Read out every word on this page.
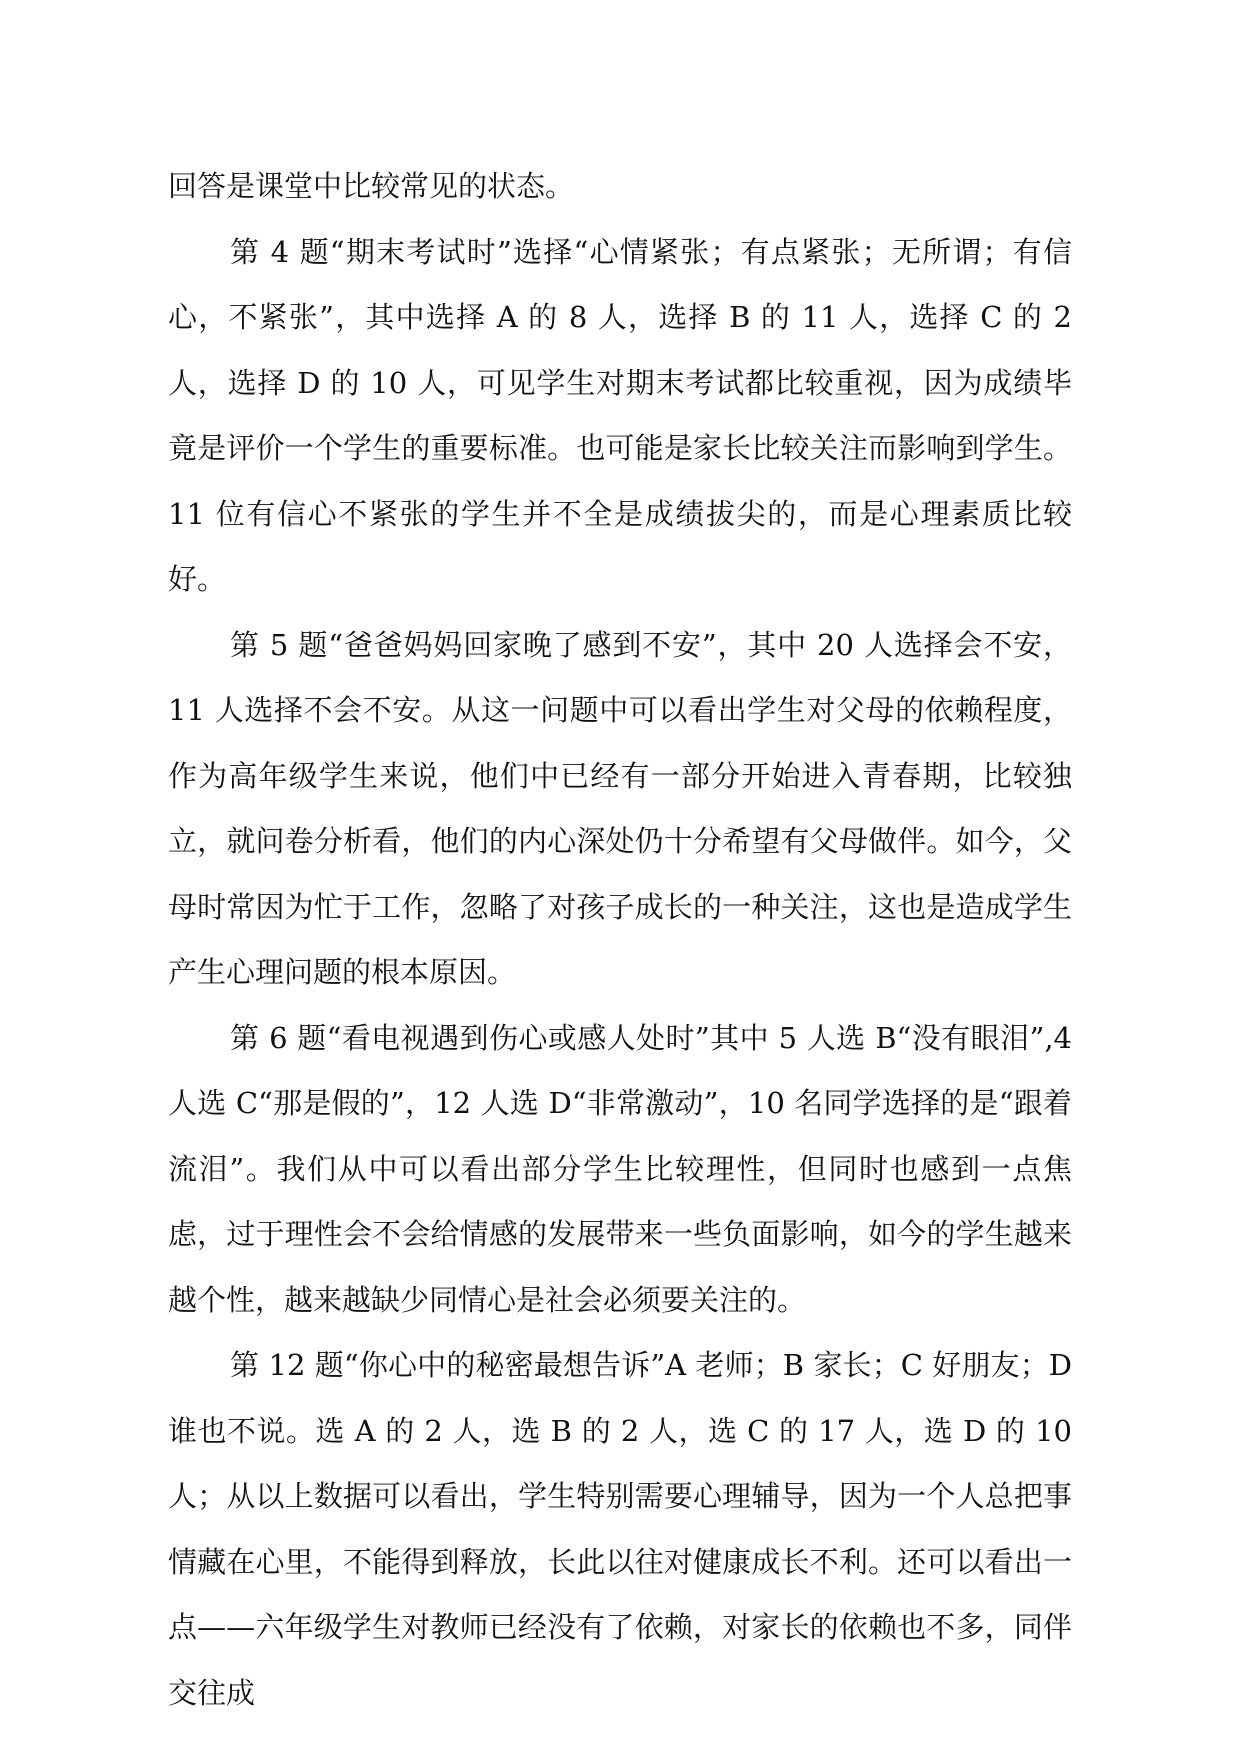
回答是课堂中比较常见的状态。

第 4 题“期末考试时”选择“心情紧张；有点紧张；无所谓；有信心，不紧张”，其中选择 A 的 8 人，选择 B 的 11 人，选择 C 的 2 人，选择 D 的 10 人，可见学生对期末考试都比较重视，因为成绩毕竟是评价一个学生的重要标准。也可能是家长比较关注而影响到学生。11 位有信心不紧张的学生并不全是成绩拔尖的，而是心理素质比较好。

第 5 题“爸爸妈妈回家晚了感到不安”，其中 20 人选择会不安，11 人选择不会不安。从这一问题中可以看出学生对父母的依赖程度，作为高年级学生来说，他们中已经有一部分开始进入青春期，比较独立，就问卷分析看，他们的内心深处仍十分希望有父母做伴。如今，父母时常因为忙于工作，忽略了对孩子成长的一种关注，这也是造成学生产生心理问题的根本原因。

第 6 题“看电视遇到伤心或感人处时”其中 5 人选 B“没有眼泪”,4 人选 C“那是假的”，12 人选 D“非常激动”，10 名同学选择的是“跟着流泪”。我们从中可以看出部分学生比较理性，但同时也感到一点焦虑，过于理性会不会给情感的发展带来一些负面影响，如今的学生越来越个性，越来越缺少同情心是社会必须要关注的。

第 12 题“你心中的秘密最想告诉”A 老师；B 家长；C 好朋友；D 谁也不说。选 A 的 2 人，选 B 的 2 人，选 C 的 17 人，选 D 的 10 人；从以上数据可以看出，学生特别需要心理辅导，因为一个人总把事情藏在心里，不能得到释放，长此以往对健康成长不利。还可以看出一点——六年级学生对教师已经没有了依赖，对家长的依赖也不多，同伴交往成
